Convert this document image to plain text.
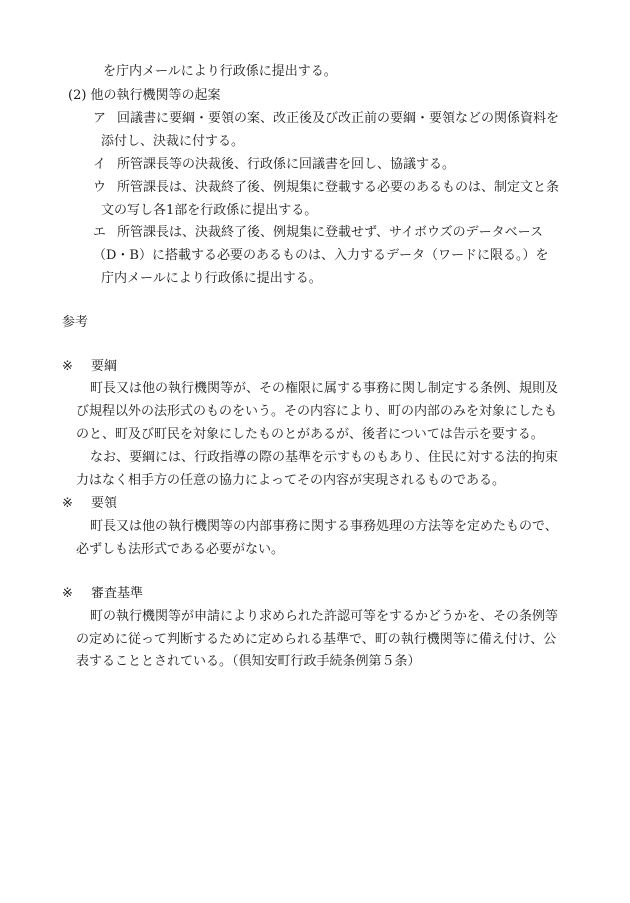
を庁内メールにより行政係に提出する。
(2) 他の執行機関等の起案
ア 回議書に要綱・要領の案、改正後及び改正前の要綱・要領などの関係資料を
添付し、決裁に付する。
イ 所管課長等の決裁後、行政係に回議書を回し、協議する。
ウ 所管課長は、決裁終了後、例規集に登載する必要のあるものは、制定文と条
文の写し各1部を行政係に提出する。
エ 所管課長は、決裁終了後、例規集に登載せず、サイボウズのデータベース
（D・B）に搭載する必要のあるものは、入力するデータ（ワードに限る。）を
庁内メールにより行政係に提出する。
参考
※ 要綱
町長又は他の執行機関等が、その権限に属する事務に関し制定する条例、規則及
び規程以外の法形式のものをいう。その内容により、町の内部のみを対象にしたも
のと、町及び町民を対象にしたものとがあるが、後者については告示を要する。
なお、要綱には、行政指導の際の基準を示すものもあり、住民に対する法的拘束
力はなく相手方の任意の協力によってその内容が実現されるものである。
※ 要領
町長又は他の執行機関等の内部事務に関する事務処理の方法等を定めたもので、
必ずしも法形式である必要がない。
※ 審査基準
町の執行機関等が申請により求められた許認可等をするかどうかを、その条例等
の定めに従って判断するために定められる基準で、町の執行機関等に備え付け、公
表することとされている。（倶知安町行政手続条例第５条）
